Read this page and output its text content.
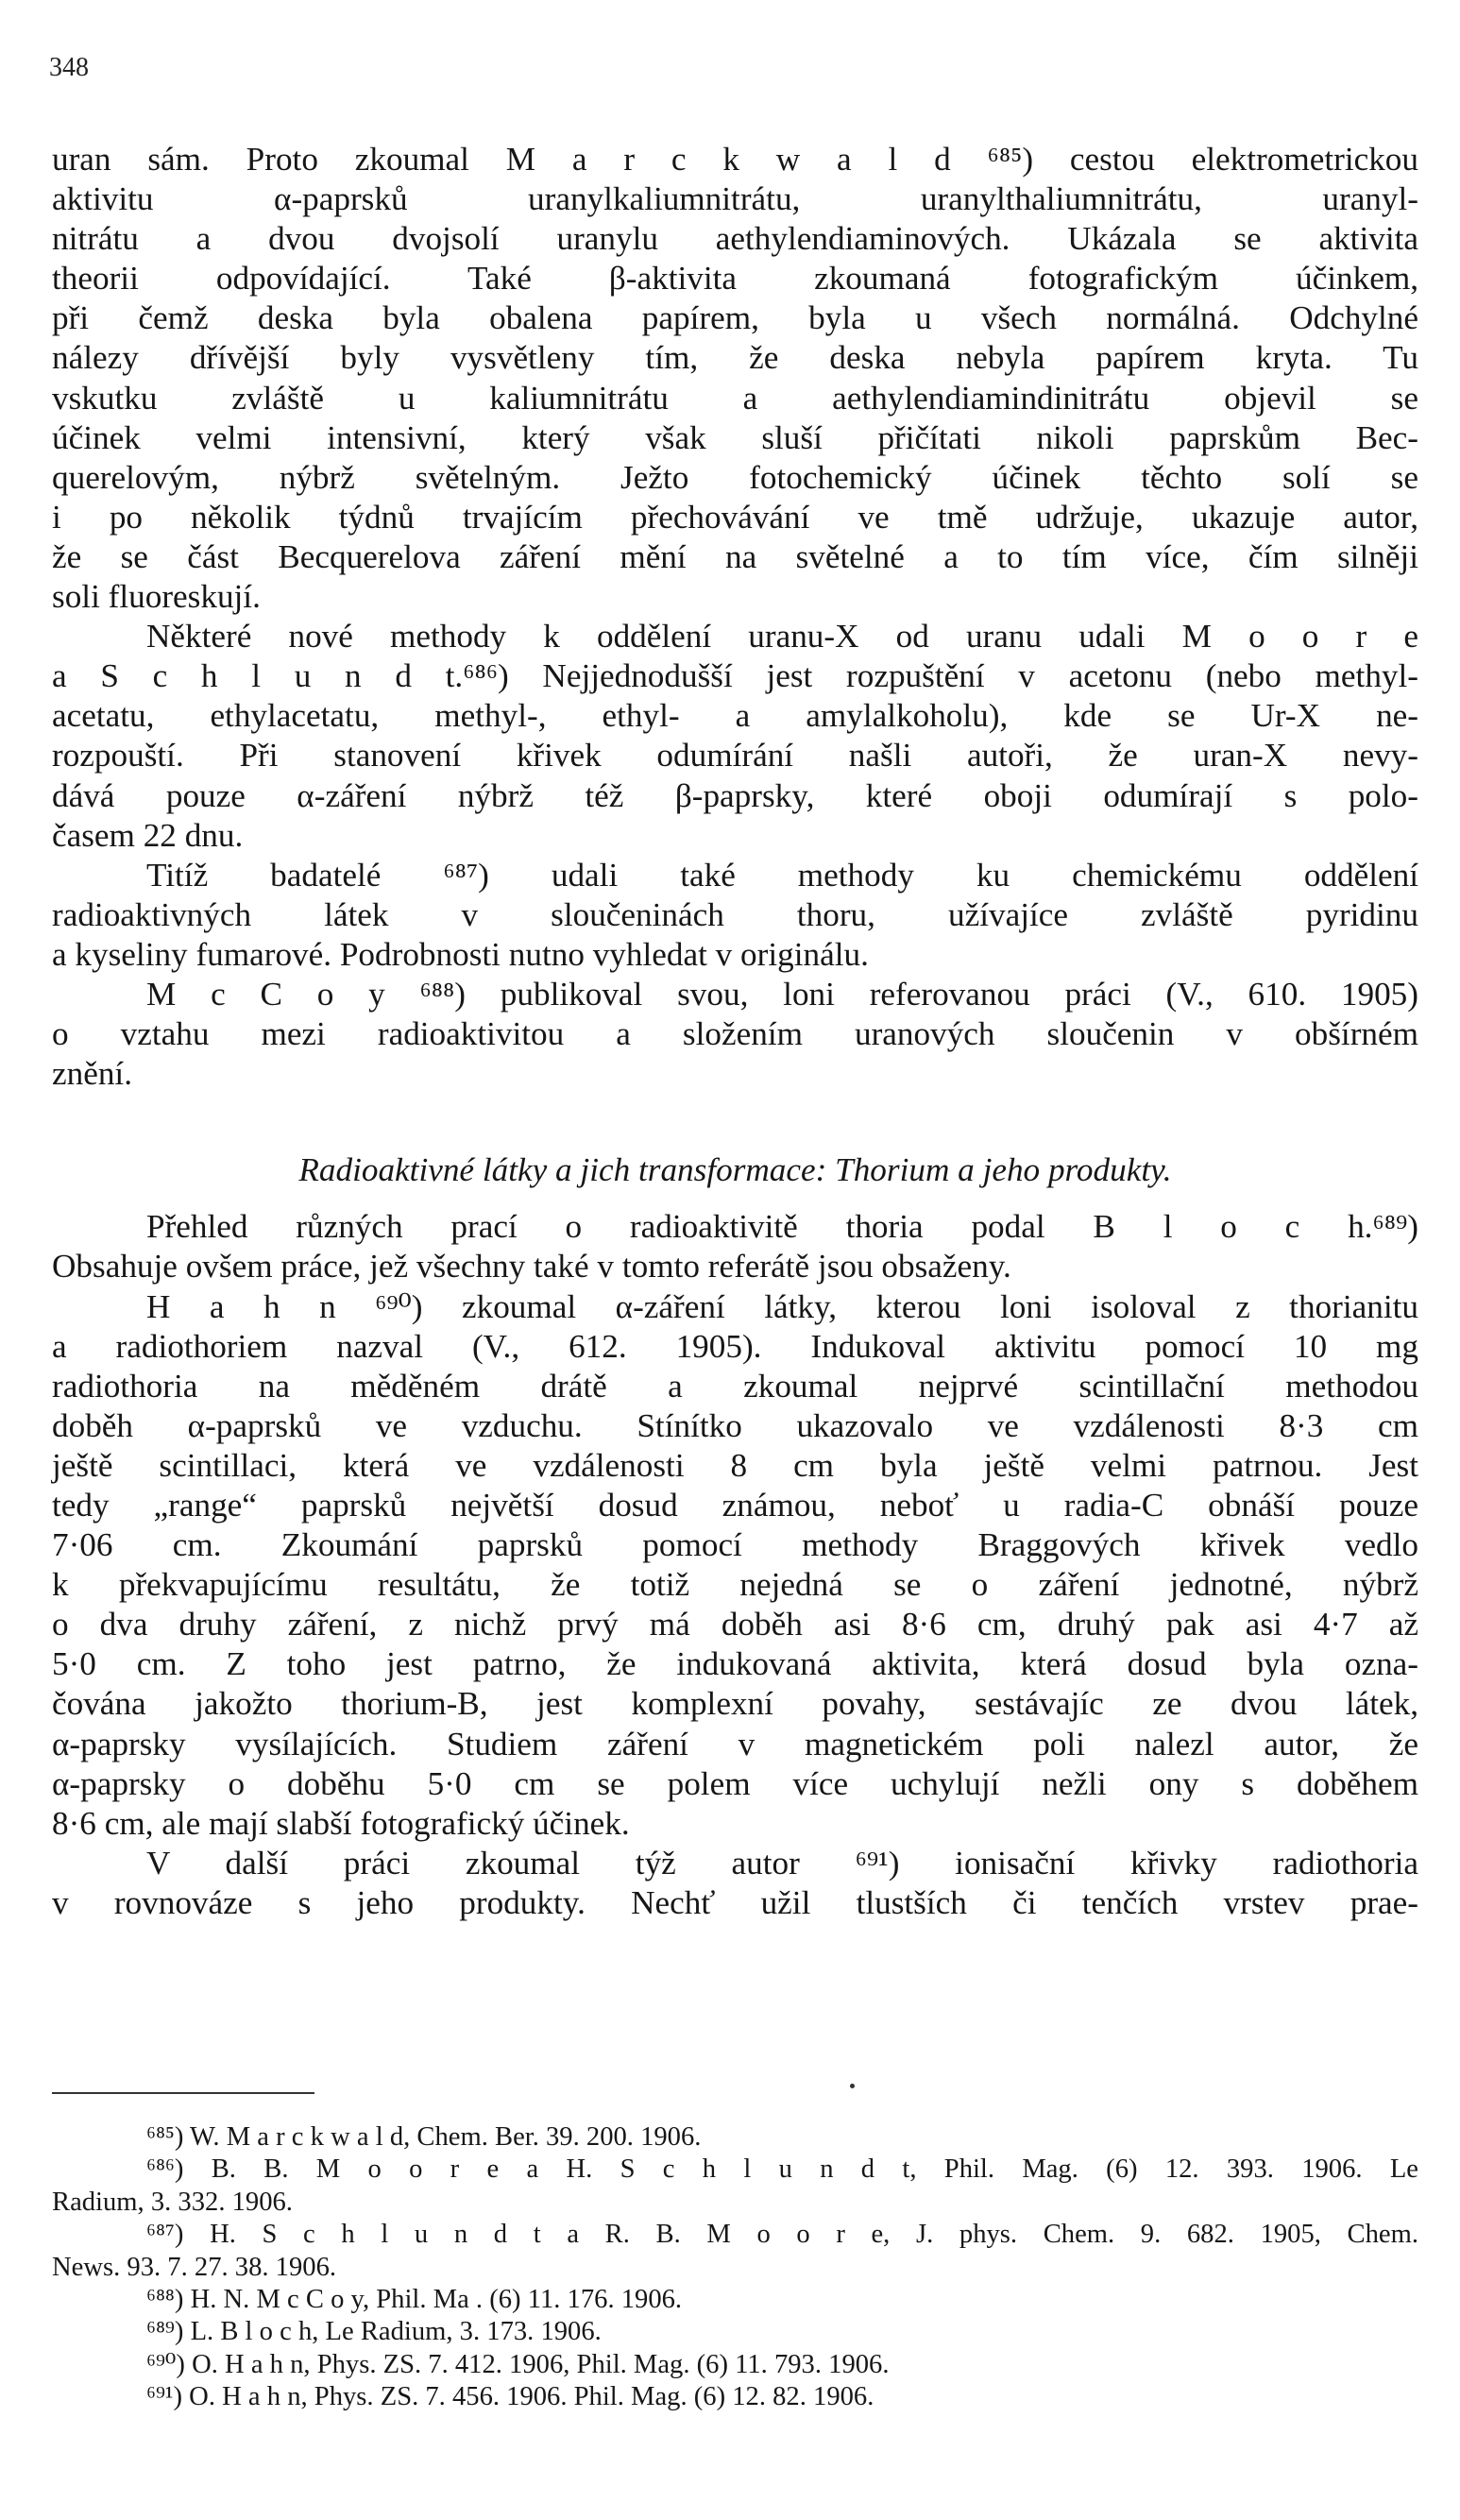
348
uran sám. Proto zkoumal M a r c k w a l d ⁶⁸⁵) cestou elektrometrickou
aktivitu α-paprsků uranylkaliumnitrátu, uranylthaliumnitrátu, uranyl-
nitrátu a dvou dvojsolí uranylu aethylendiaminových. Ukázala se aktivita
theorii odpovídající. Také β-aktivita zkoumaná fotografickým účinkem,
při čemž deska byla obalena papírem, byla u všech normálná. Odchylné
nálezy dřívější byly vysvětleny tím, že deska nebyla papírem kryta. Tu
vskutku zvláště u kaliumnitrátu a aethylendiamindinitrátu objevil se
účinek velmi intensivní, který však sluší přičítati nikoli paprskům Bec-
querelovým, nýbrž světelným. Ježto fotochemický účinek těchto solí se
i po několik týdnů trvajícím přechovávání ve tmě udržuje, ukazuje autor,
že se část Becquerelova záření mění na světelné a to tím více, čím silněji
soli fluoreskují.
Některé nové methody k oddělení uranu-X od uranu udali M o o r e
a S c h l u n d t.⁶⁸⁶) Nejjednodušší jest rozpuštění v acetonu (nebo methyl-
acetatu, ethylacetatu, methyl-, ethyl- a amylalkoholu), kde se Ur-X ne-
rozpouští. Při stanovení křivek odumírání našli autoři, že uran-X nevy-
dává pouze α-záření nýbrž též β-paprsky, které oboji odumírají s polo-
časem 22 dnu.
Titíž badatelé ⁶⁸⁷) udali také methody ku chemickému oddělení
radioaktivných látek v sloučeninách thoru, užívajíce zvláště pyridinu
a kyseliny fumarové. Podrobnosti nutno vyhledat v originálu.
M c C o y ⁶⁸⁸) publikoval svou, loni referovanou práci (V., 610. 1905)
o vztahu mezi radioaktivitou a složením uranových sloučenin v obšírném
znění.
Radioaktivné látky a jich transformace: Thorium a jeho produkty.
Přehled různých prací o radioaktivitě thoria podal B l o c h.⁶⁸⁹)
Obsahuje ovšem práce, jež všechny také v tomto referátě jsou obsaženy.
H a h n ⁶⁹⁰) zkoumal α-záření látky, kterou loni isoloval z thorianitu
a radiothoriem nazval (V., 612. 1905). Indukoval aktivitu pomocí 10 mg
radiothoria na měděném drátě a zkoumal nejprvé scintillační methodou
doběh α-paprsků ve vzduchu. Stínítko ukazovalo ve vzdálenosti 8·3 cm
ještě scintillaci, která ve vzdálenosti 8 cm byla ještě velmi patrnou. Jest
tedy „range“ paprsků největší dosud známou, neboť u radia-C obnáší pouze
7·06 cm. Zkoumání paprsků pomocí methody Braggových křivek vedlo
k překvapujícímu resultátu, že totiž nejedná se o záření jednotné, nýbrž
o dva druhy záření, z nichž prvý má doběh asi 8·6 cm, druhý pak asi 4·7 až
5·0 cm. Z toho jest patrno, že indukovaná aktivita, která dosud byla ozna-
čována jakožto thorium-B, jest komplexní povahy, sestávajíc ze dvou látek,
α-paprsky vysílajících. Studiem záření v magnetickém poli nalezl autor, že
α-paprsky o doběhu 5·0 cm se polem více uchylují nežli ony s doběhem
8·6 cm, ale mají slabší fotografický účinek.
V další práci zkoumal týž autor ⁶⁹¹) ionisační křivky radiothoria
v rovnováze s jeho produkty. Nechť užil tlustších či tenčích vrstev prae-
⁶⁸⁵) W. M a r c k w a l d, Chem. Ber. 39. 200. 1906.
⁶⁸⁶) B. B. M o o r e a H. S c h l u n d t, Phil. Mag. (6) 12. 393. 1906. Le
Radium, 3. 332. 1906.
⁶⁸⁷) H. S c h l u n d t a R. B. M o o r e, J. phys. Chem. 9. 682. 1905, Chem.
News. 93. 7. 27. 38. 1906.
⁶⁸⁸) H. N. M c C o y, Phil. Ma . (6) 11. 176. 1906.
⁶⁸⁹) L. B l o c h, Le Radium, 3. 173. 1906.
⁶⁹⁰) O. H a h n, Phys. ZS. 7. 412. 1906, Phil. Mag. (6) 11. 793. 1906.
⁶⁹¹) O. H a h n, Phys. ZS. 7. 456. 1906. Phil. Mag. (6) 12. 82. 1906.
